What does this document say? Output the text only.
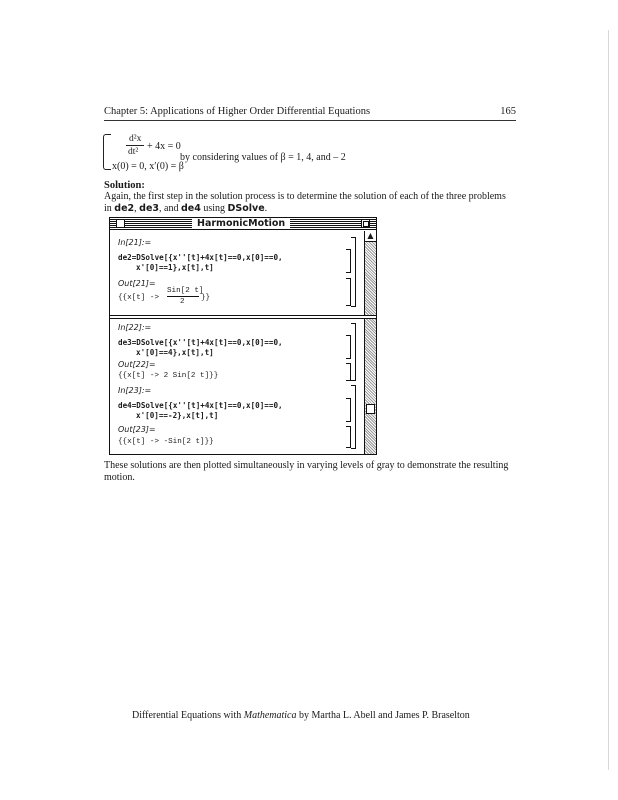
Chapter 5: Applications of Higher Order Differential Equations	165
d²x
dt² + 4x = 0
x(0) = 0, x′(0) = β
by considering values of β = 1, 4, and – 2
Solution:
Again, the first step in the solution process is to determine the solution of each of the three problems in de2, de3, and de4 using DSolve.
HarmonicMotion
In[21]:=
de2=DSolve[{x''[t]+4x[t]==0,x[0]==0,
x'[0]==1},x[t],t]
Out[21]=
{{x[t] ->
Sin[2 t]
2	}}
▲
In[22]:=
de3=DSolve[{x''[t]+4x[t]==0,x[0]==0,
x'[0]==4},x[t],t]
Out[22]=
{{x[t] -> 2 Sin[2 t]}}
In[23]:=
de4=DSolve[{x''[t]+4x[t]==0,x[0]==0,
x'[0]==-2},x[t],t]
Out[23]=
{{x[t] -> -Sin[2 t]}}
These solutions are then plotted simultaneously in varying levels of gray to demonstrate the resulting motion.
Differential Equations with Mathematica by Martha L. Abell and James P. Braselton
